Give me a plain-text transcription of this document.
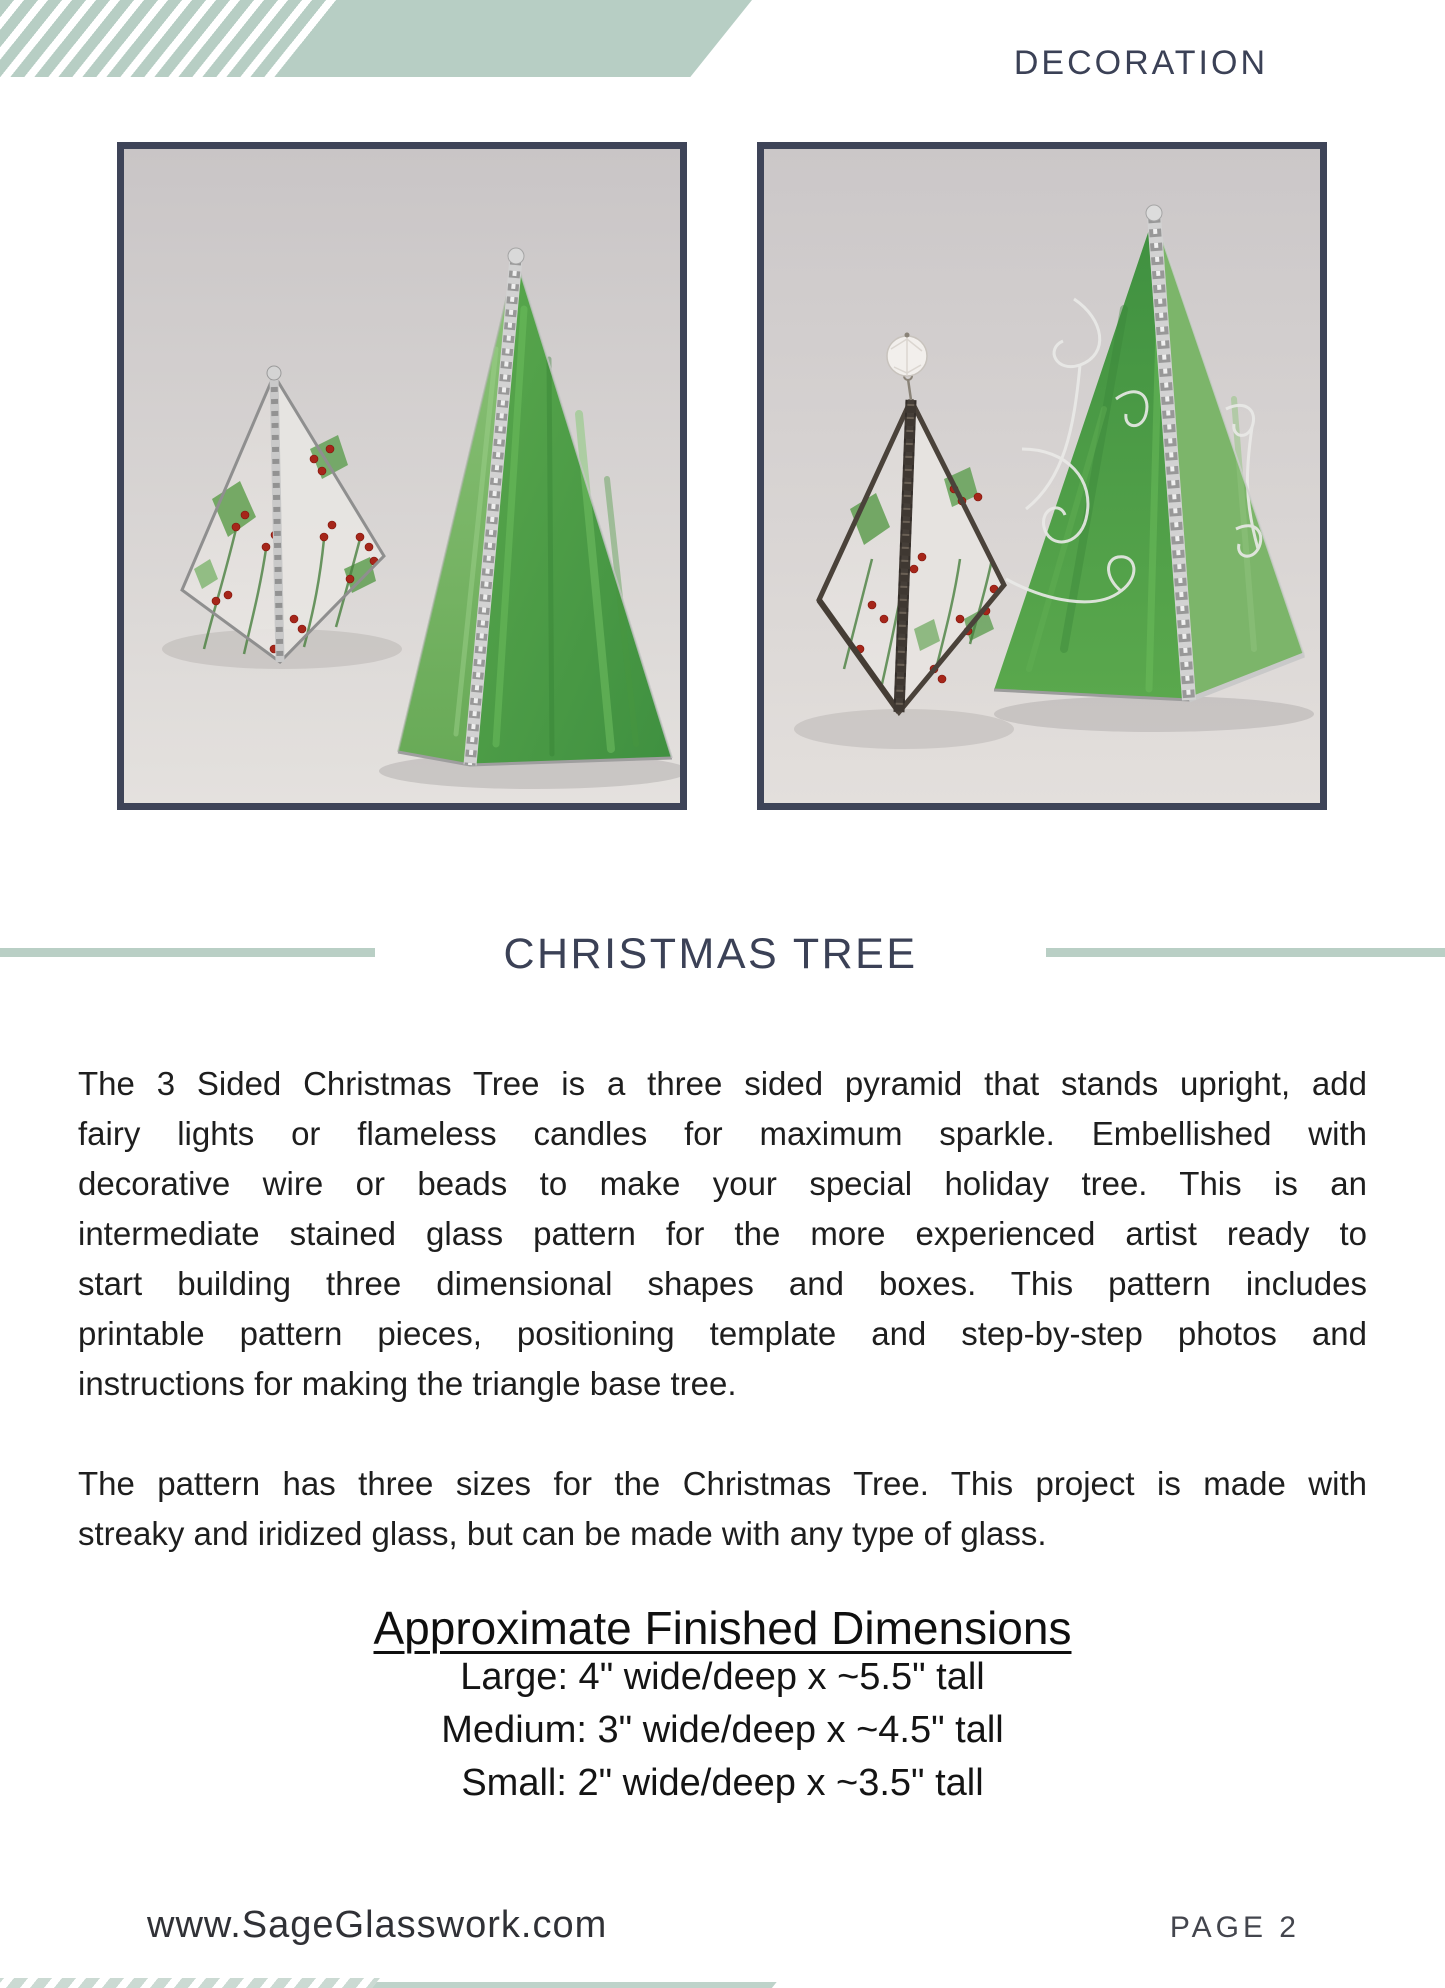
DECORATION
CHRISTMAS TREE
The 3 Sided Christmas Tree is a three sided pyramid that stands upright, add
fairy lights or flameless candles for maximum sparkle. Embellished with
decorative wire or beads to make your special holiday tree. This is an
intermediate stained glass pattern for the more experienced artist ready to
start building three dimensional shapes and boxes. This pattern includes
printable pattern pieces, positioning template and step-by-step photos and
instructions for making the triangle base tree.
The pattern has three sizes for the Christmas Tree. This project is made with
streaky and iridized glass, but can be made with any type of glass.
Approximate Finished Dimensions
Large: 4" wide/deep x ~5.5" tall
Medium: 3" wide/deep x ~4.5" tall
Small: 2" wide/deep x ~3.5" tall
www.SageGlasswork.com	PAGE 2
